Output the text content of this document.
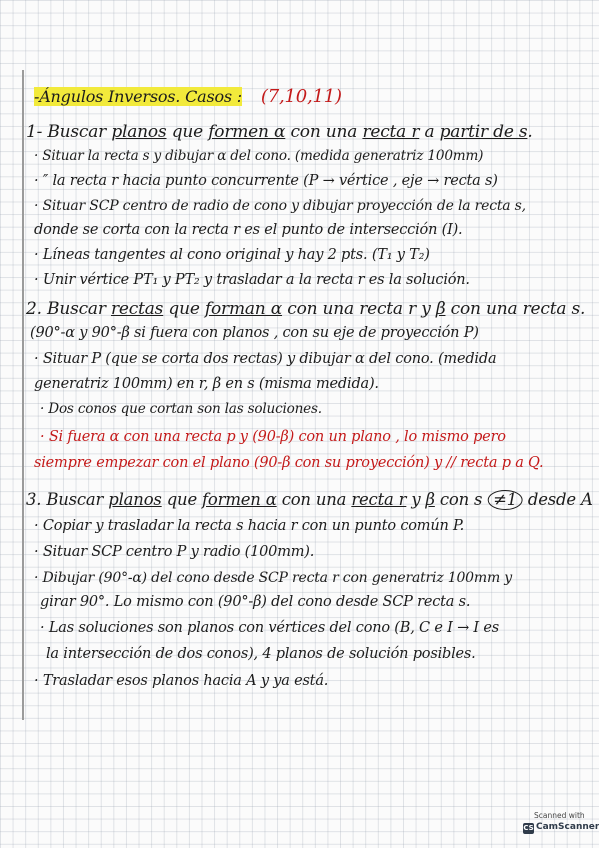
-Ángulos Inversos. Casos : (7,10,11)
1- Buscar planos que formen α con una recta r a partir de s.
· Situar la recta s y dibujar α del cono. (medida generatriz 100mm)
· ″ la recta r hacia punto concurrente (P → vértice , eje → recta s)
· Situar SCP centro de radio de cono y dibujar proyección de la recta s,
donde se corta con la recta r es el punto de intersección (I).
· Líneas tangentes al cono original y hay 2 pts. (T₁ y T₂)
· Unir vértice PT₁ y PT₂ y trasladar a la recta r es la solución.
2. Buscar rectas que forman α con una recta r y β con una recta s.
(90°-α y 90°-β si fuera con planos , con su eje de proyección P)
· Situar P (que se corta dos rectas) y dibujar α del cono. (medida
generatriz 100mm) en r, β en s (misma medida).
· Dos conos que cortan son las soluciones.
· Si fuera α con una recta p y (90-β) con un plano , lo mismo pero
siempre empezar con el plano (90-β con su proyección) y // recta p a Q.
3. Buscar planos que formen α con una recta r y β con s ≠1 desde A
· Copiar y trasladar la recta s hacia r con un punto común P.
· Situar SCP centro P y radio (100mm).
· Dibujar (90°-α) del cono desde SCP recta r con generatriz 100mm y
girar 90°. Lo mismo con (90°-β) del cono desde SCP recta s.
· Las soluciones son planos con vértices del cono (B, C e I → I es
la intersección de dos conos), 4 planos de solución posibles.
· Trasladar esos planos hacia A y ya está.
Scanned with
CS CamScanner
